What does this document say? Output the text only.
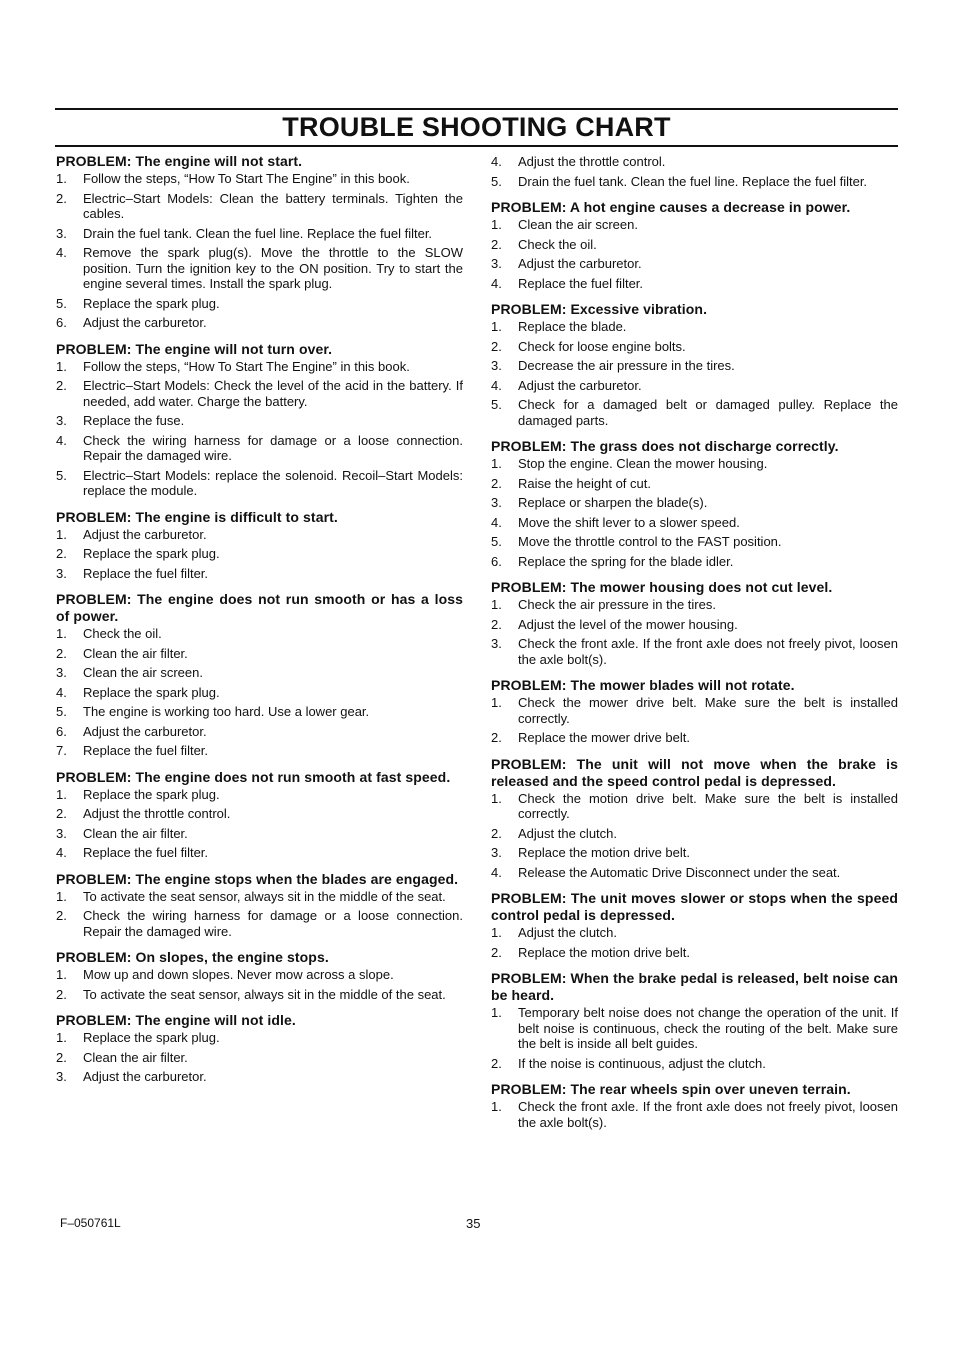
TROUBLE SHOOTING CHART
PROBLEM: The engine will not start.
1.	Follow the steps, “How To Start The Engine” in this book.
2.	Electric–Start Models: Clean the battery terminals. Tighten the cables.
3.	Drain the fuel tank. Clean the fuel line. Replace the fuel filter.
4.	Remove the spark plug(s). Move the throttle to the SLOW position. Turn the ignition key to the ON position. Try to start the engine several times. Install the spark plug.
5.	Replace the spark plug.
6.	Adjust the carburetor.
PROBLEM: The engine will not turn over.
1.	Follow the steps, “How To Start The Engine” in this book.
2.	Electric–Start Models: Check the level of the acid in the battery. If needed, add water. Charge the battery.
3.	Replace the fuse.
4.	Check the wiring harness for damage or a loose connection. Repair the damaged wire.
5.	Electric–Start Models: replace the solenoid. Recoil–Start Models: replace the module.
PROBLEM: The engine is difficult to start.
1.	Adjust the carburetor.
2.	Replace the spark plug.
3.	Replace the fuel filter.
PROBLEM: The engine does not run smooth or has a loss of power.
1.	Check the oil.
2.	Clean the air filter.
3.	Clean the air screen.
4.	Replace the spark plug.
5.	The engine is working too hard. Use a lower gear.
6.	Adjust the carburetor.
7.	Replace the fuel filter.
PROBLEM: The engine does not run smooth at fast speed.
1.	Replace the spark plug.
2.	Adjust the throttle control.
3.	Clean the air filter.
4.	Replace the fuel filter.
PROBLEM: The engine stops when the blades are engaged.
1.	To activate the seat sensor, always sit in the middle of the seat.
2.	Check the wiring harness for damage or a loose connection. Repair the damaged wire.
PROBLEM: On slopes, the engine stops.
1.	Mow up and down slopes. Never mow across a slope.
2.	To activate the seat sensor, always sit in the middle of the seat.
PROBLEM: The engine will not idle.
1.	Replace the spark plug.
2.	Clean the air filter.
3.	Adjust the carburetor.
4.	Adjust the throttle control.
5.	Drain the fuel tank. Clean the fuel line. Replace the fuel filter.
PROBLEM: A hot engine causes a decrease in power.
1.	Clean the air screen.
2.	Check the oil.
3.	Adjust the carburetor.
4.	Replace the fuel filter.
PROBLEM: Excessive vibration.
1.	Replace the blade.
2.	Check for loose engine bolts.
3.	Decrease the air pressure in the tires.
4.	Adjust the carburetor.
5.	Check for a damaged belt or damaged pulley. Replace the damaged parts.
PROBLEM: The grass does not discharge correctly.
1.	Stop the engine. Clean the mower housing.
2.	Raise the height of cut.
3.	Replace or sharpen the blade(s).
4.	Move the shift lever to a slower speed.
5.	Move the throttle control to the FAST position.
6.	Replace the spring for the blade idler.
PROBLEM: The mower housing does not cut level.
1.	Check the air pressure in the tires.
2.	Adjust the level of the mower housing.
3.	Check the front axle. If the front axle does not freely pivot, loosen the axle bolt(s).
PROBLEM: The mower blades will not rotate.
1.	Check the mower drive belt. Make sure the belt is installed correctly.
2.	Replace the mower drive belt.
PROBLEM: The unit will not move when the brake is released and the speed control pedal is depressed.
1.	Check the motion drive belt. Make sure the belt is installed correctly.
2.	Adjust the clutch.
3.	Replace the motion drive belt.
4.	Release the Automatic Drive Disconnect under the seat.
PROBLEM: The unit moves slower or stops when the speed control pedal is depressed.
1.	Adjust the clutch.
2.	Replace the motion drive belt.
PROBLEM: When the brake pedal is released, belt noise can be heard.
1.	Temporary belt noise does not change the operation of the unit. If belt noise is continuous, check the routing of the belt. Make sure the belt is inside all belt guides.
2.	If the noise is continuous, adjust the clutch.
PROBLEM: The rear wheels spin over uneven terrain.
1.	Check the front axle. If the front axle does not freely pivot, loosen the axle bolt(s).
F–050761L	35
